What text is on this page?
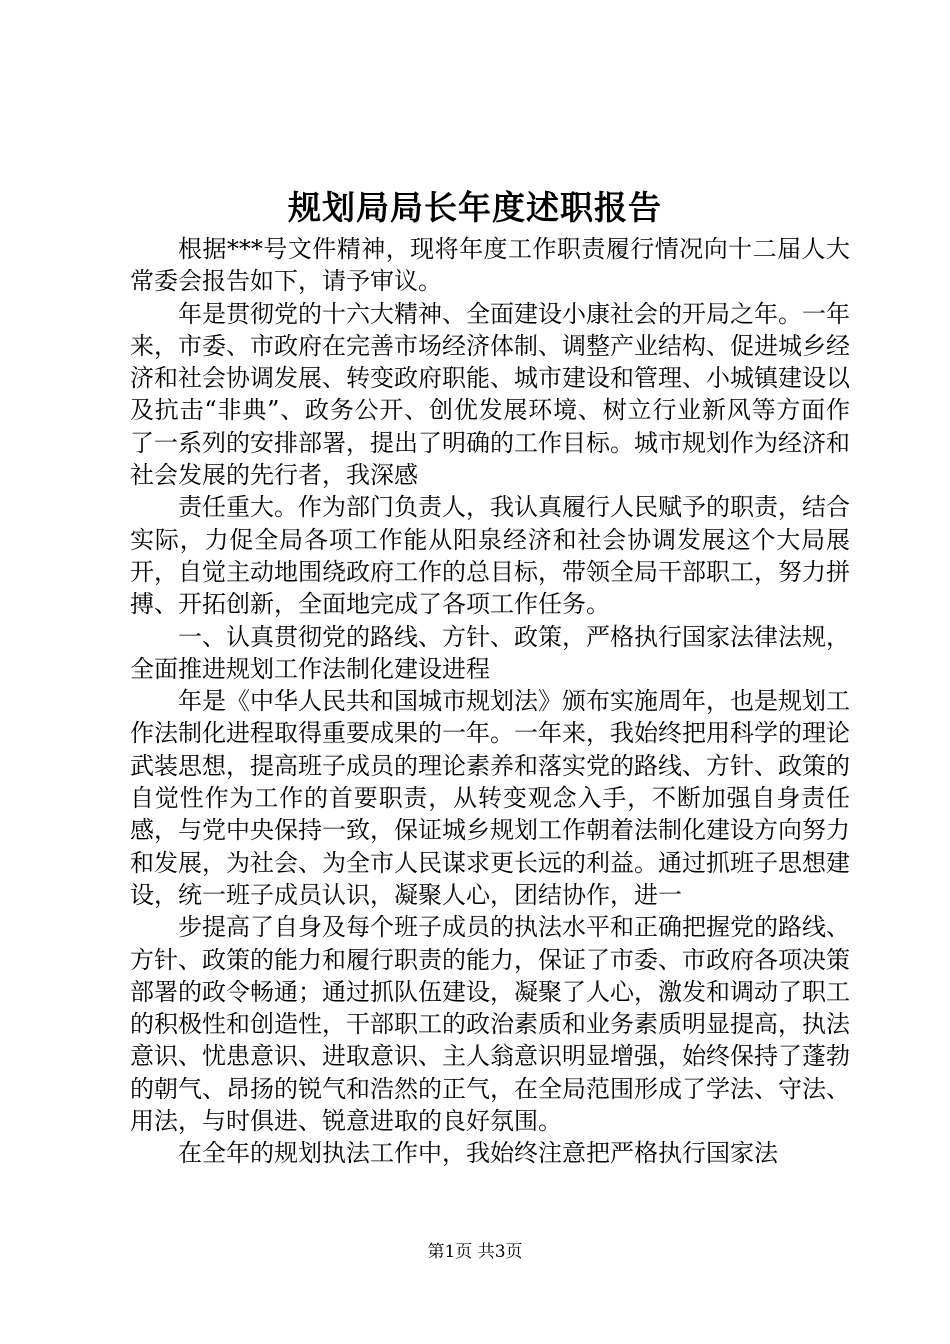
规划局局长年度述职报告

根据***号文件精神，现将年度工作职责履行情况向十二届人大常委会报告如下，请予审议。

年是贯彻党的十六大精神、全面建设小康社会的开局之年。一年来，市委、市政府在完善市场经济体制、调整产业结构、促进城乡经济和社会协调发展、转变政府职能、城市建设和管理、小城镇建设以及抗击“非典”、政务公开、创优发展环境、树立行业新风等方面作了一系列的安排部署，提出了明确的工作目标。城市规划作为经济和社会发展的先行者，我深感

责任重大。作为部门负责人，我认真履行人民赋予的职责，结合实际，力促全局各项工作能从阳泉经济和社会协调发展这个大局展开，自觉主动地围绕政府工作的总目标，带领全局干部职工，努力拼搏、开拓创新，全面地完成了各项工作任务。

一、认真贯彻党的路线、方针、政策，严格执行国家法律法规，全面推进规划工作法制化建设进程

年是《中华人民共和国城市规划法》颁布实施周年，也是规划工作法制化进程取得重要成果的一年。一年来，我始终把用科学的理论武装思想，提高班子成员的理论素养和落实党的路线、方针、政策的自觉性作为工作的首要职责，从转变观念入手，不断加强自身责任感，与党中央保持一致，保证城乡规划工作朝着法制化建设方向努力和发展，为社会、为全市人民谋求更长远的利益。通过抓班子思想建设，统一班子成员认识，凝聚人心，团结协作，进一

步提高了自身及每个班子成员的执法水平和正确把握党的路线、方针、政策的能力和履行职责的能力，保证了市委、市政府各项决策部署的政令畅通；通过抓队伍建设，凝聚了人心，激发和调动了职工的积极性和创造性，干部职工的政治素质和业务素质明显提高，执法意识、忧患意识、进取意识、主人翁意识明显增强，始终保持了蓬勃的朝气、昂扬的锐气和浩然的正气，在全局范围形成了学法、守法、用法，与时俱进、锐意进取的良好氛围。

在全年的规划执法工作中，我始终注意把严格执行国家法

第1页 共3页
